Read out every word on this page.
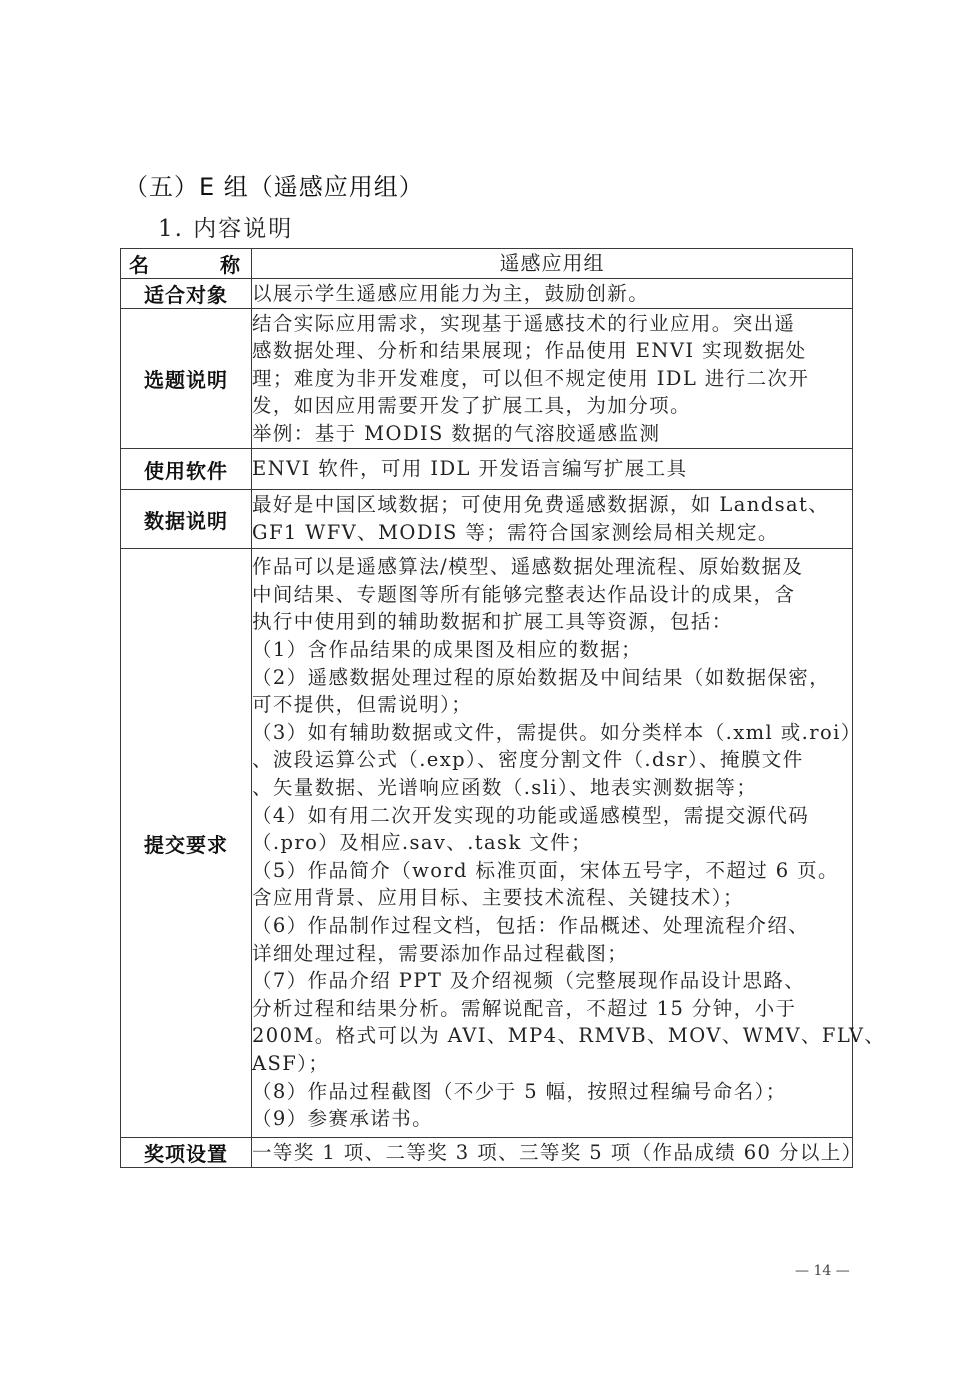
（五）E 组（遥感应用组）
1. 内容说明
名　　称	遥感应用组

适合对象	以展示学生遥感应用能力为主，鼓励创新。

选题说明	结合实际应用需求，实现基于遥感技术的行业应用。突出遥
感数据处理、分析和结果展现；作品使用 ENVI 实现数据处
理；难度为非开发难度，可以但不规定使用 IDL 进行二次开
发，如因应用需要开发了扩展工具，为加分项。
举例：基于 MODIS 数据的气溶胶遥感监测

使用软件	ENVI 软件，可用 IDL 开发语言编写扩展工具

数据说明	最好是中国区域数据；可使用免费遥感数据源，如 Landsat、
GF1 WFV、MODIS 等；需符合国家测绘局相关规定。

提交要求	
作品可以是遥感算法/模型、遥感数据处理流程、原始数据及
中间结果、专题图等所有能够完整表达作品设计的成果，含
执行中使用到的辅助数据和扩展工具等资源，包括：
（1）含作品结果的成果图及相应的数据；
（2）遥感数据处理过程的原始数据及中间结果（如数据保密，
可不提供，但需说明）；
（3）如有辅助数据或文件，需提供。如分类样本（.xml 或.roi）
、波段运算公式（.exp）、密度分割文件（.dsr）、掩膜文件
、矢量数据、光谱响应函数（.sli）、地表实测数据等；
（4）如有用二次开发实现的功能或遥感模型，需提交源代码
（.pro）及相应.sav、.task 文件；
（5）作品简介（word 标准页面，宋体五号字，不超过 6 页。
含应用背景、应用目标、主要技术流程、关键技术）；
（6）作品制作过程文档，包括：作品概述、处理流程介绍、
详细处理过程，需要添加作品过程截图；
（7）作品介绍 PPT 及介绍视频（完整展现作品设计思路、
分析过程和结果分析。需解说配音，不超过 15 分钟，小于
200M。格式可以为 AVI、MP4、RMVB、MOV、WMV、FLV、
ASF）；
（8）作品过程截图（不少于 5 幅，按照过程编号命名）；
（9）参赛承诺书。

奖项设置	一等奖 1 项、二等奖 3 项、三等奖 5 项（作品成绩 60 分以上）
— 14 —
